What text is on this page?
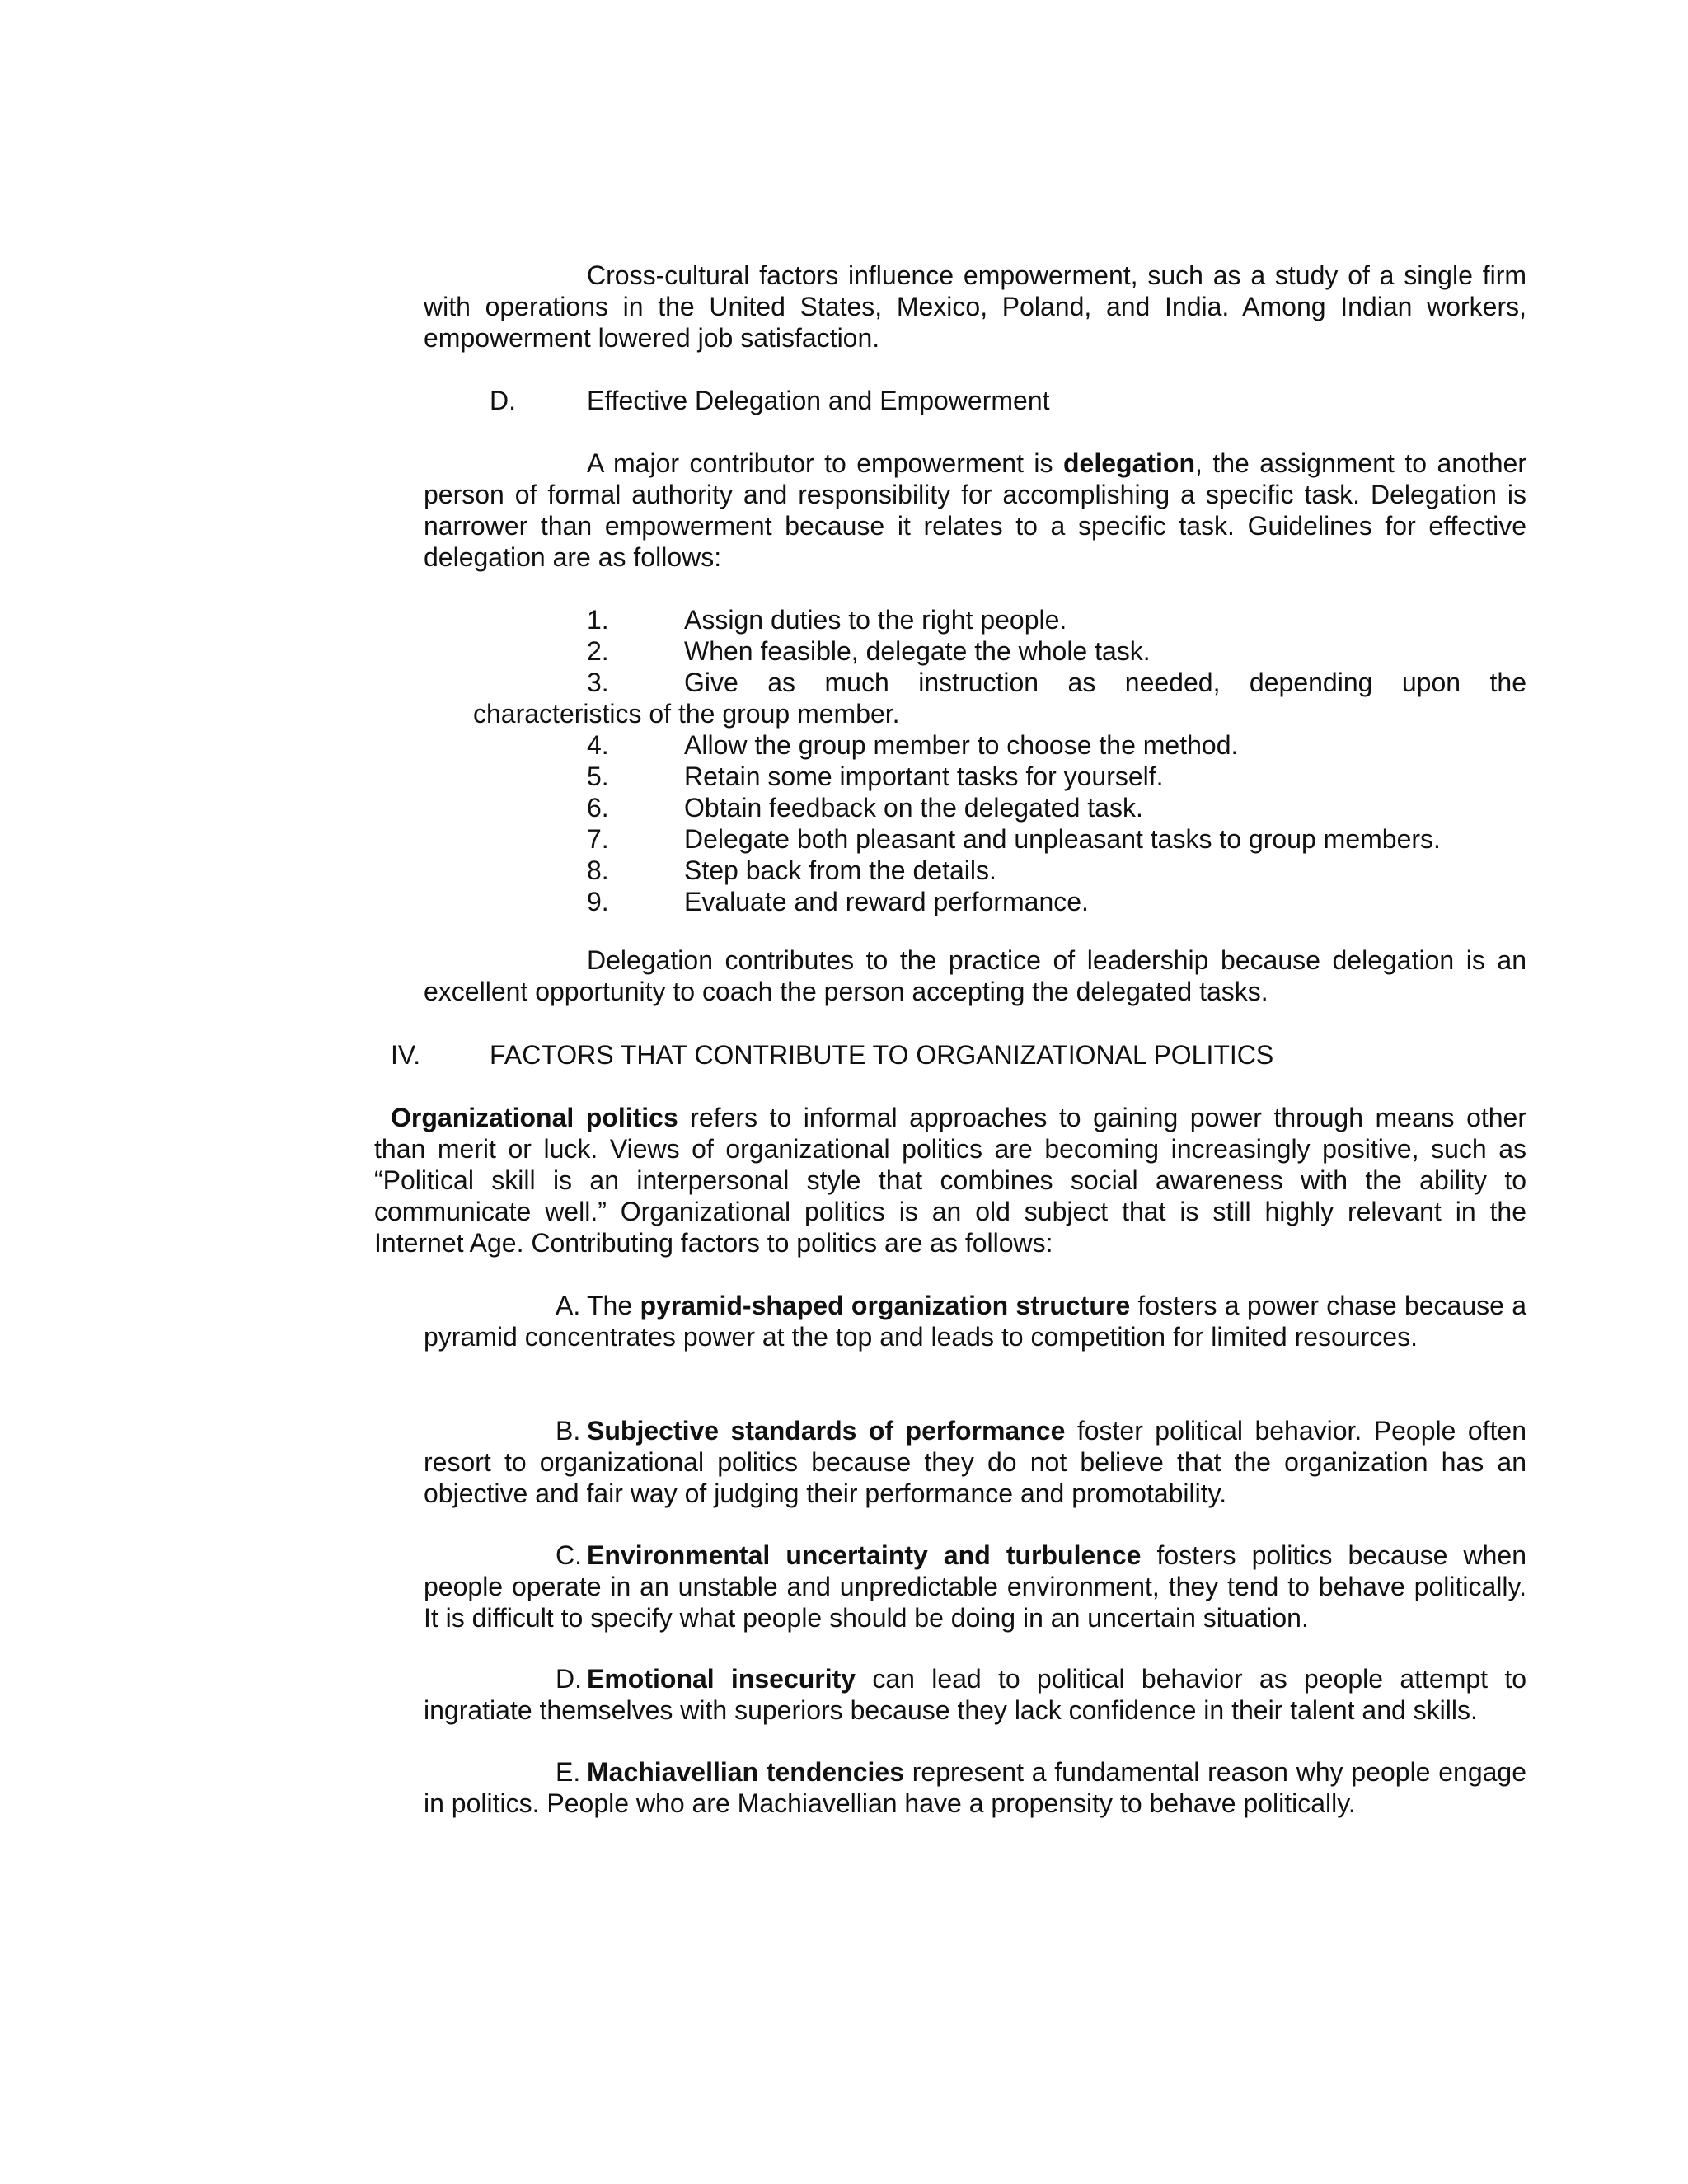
Cross-cultural factors influence empowerment, such as a study of a single firm with operations in the United States, Mexico, Poland, and India. Among Indian workers, empowerment lowered job satisfaction.

D.	Effective Delegation and Empowerment

A major contributor to empowerment is delegation, the assignment to another person of formal authority and responsibility for accomplishing a specific task. Delegation is narrower than empowerment because it relates to a specific task. Guidelines for effective delegation are as follows:

1.	Assign duties to the right people.
2.	When feasible, delegate the whole task.
3.	Give as much instruction as needed, depending upon the characteristics of the group member.
4.	Allow the group member to choose the method.
5.	Retain some important tasks for yourself.
6.	Obtain feedback on the delegated task.
7.	Delegate both pleasant and unpleasant tasks to group members.
8.	Step back from the details.
9.	Evaluate and reward performance.

Delegation contributes to the practice of leadership because delegation is an excellent opportunity to coach the person accepting the delegated tasks.

IV.	FACTORS THAT CONTRIBUTE TO ORGANIZATIONAL POLITICS

Organizational politics refers to informal approaches to gaining power through means other than merit or luck. Views of organizational politics are becoming increasingly positive, such as “Political skill is an interpersonal style that combines social awareness with the ability to communicate well.” Organizational politics is an old subject that is still highly relevant in the Internet Age. Contributing factors to politics are as follows:

A. The pyramid-shaped organization structure fosters a power chase because a pyramid concentrates power at the top and leads to competition for limited resources.

B. Subjective standards of performance foster political behavior. People often resort to organizational politics because they do not believe that the organization has an objective and fair way of judging their performance and promotability.

C. Environmental uncertainty and turbulence fosters politics because when people operate in an unstable and unpredictable environment, they tend to behave politically. It is difficult to specify what people should be doing in an uncertain situation.

D. Emotional insecurity can lead to political behavior as people attempt to ingratiate themselves with superiors because they lack confidence in their talent and skills.

E. Machiavellian tendencies represent a fundamental reason why people engage in politics. People who are Machiavellian have a propensity to behave politically.
